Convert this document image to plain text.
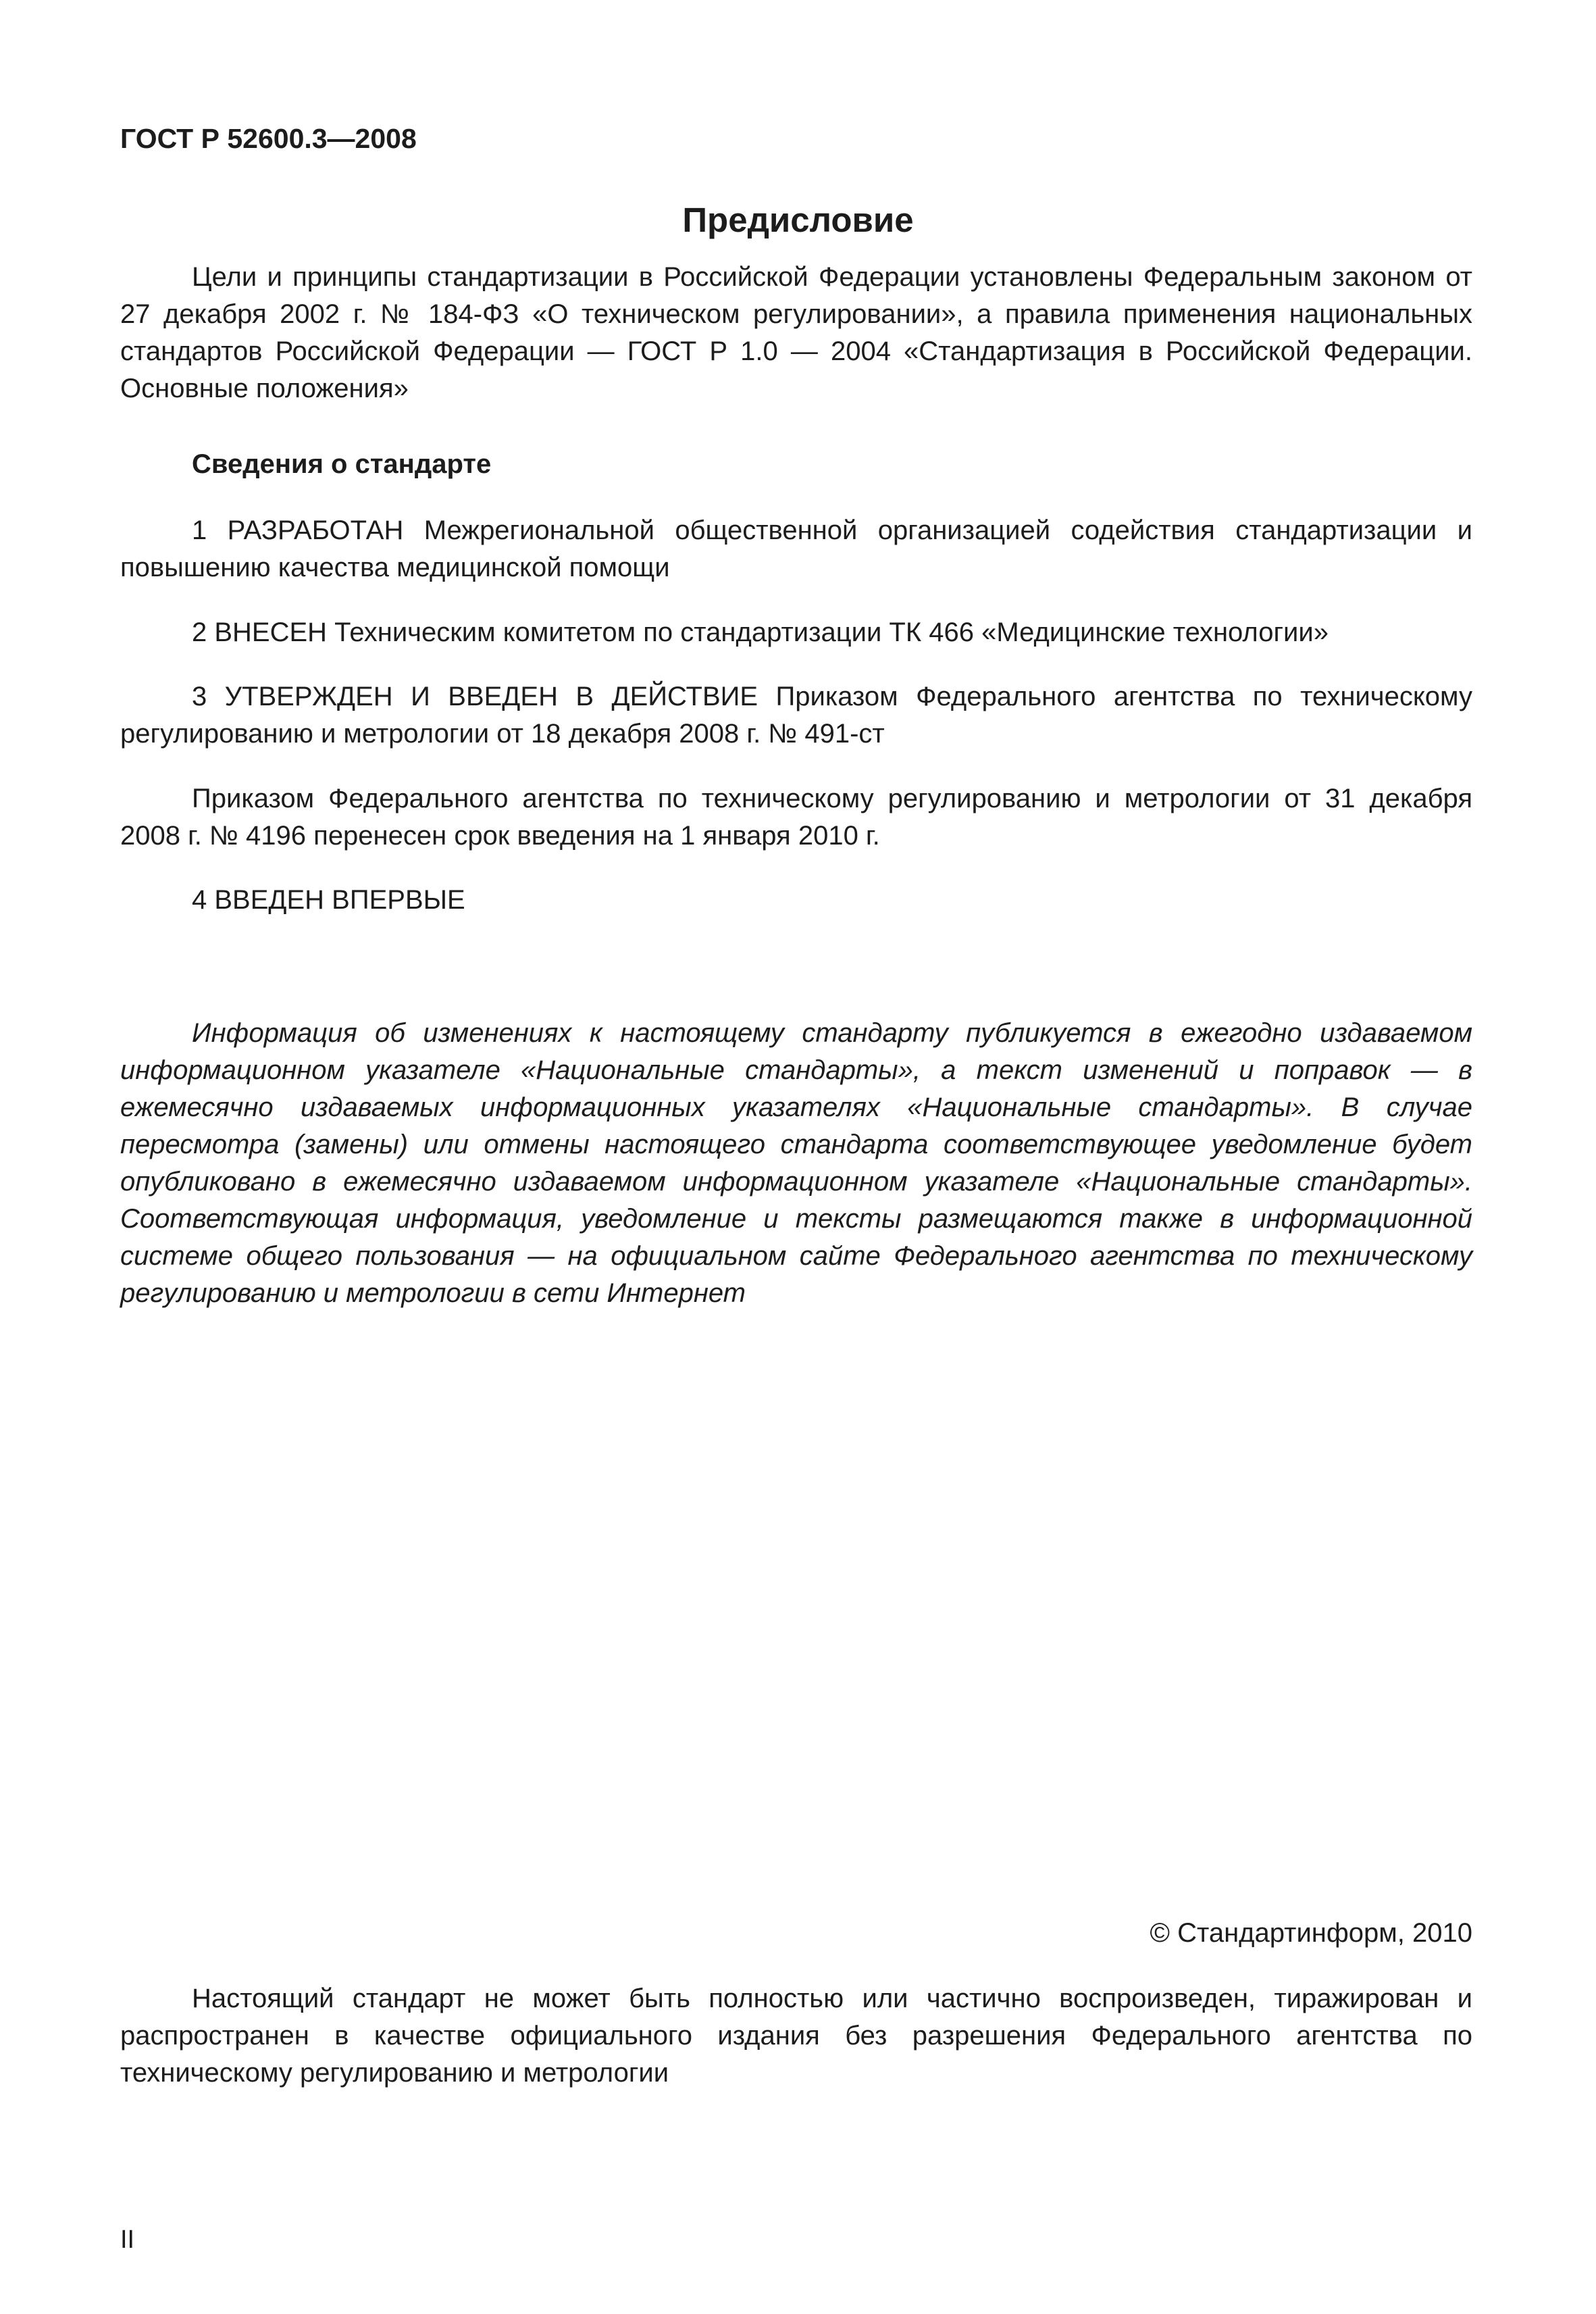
ГОСТ Р 52600.3—2008
Предисловие

Цели и принципы стандартизации в Российской Федерации установлены Федеральным законом от 27 декабря 2002 г. № 184-ФЗ «О техническом регулировании», а правила применения национальных стандартов Российской Федерации — ГОСТ Р 1.0 — 2004 «Стандартизация в Российской Федерации. Основные положения»

Сведения о стандарте

1 РАЗРАБОТАН Межрегиональной общественной организацией содействия стандартизации и повышению качества медицинской помощи

2 ВНЕСЕН Техническим комитетом по стандартизации ТК 466 «Медицинские технологии»

3 УТВЕРЖДЕН И ВВЕДЕН В ДЕЙСТВИЕ Приказом Федерального агентства по техническому регулированию и метрологии от 18 декабря 2008 г. № 491-ст

Приказом Федерального агентства по техническому регулированию и метрологии от 31 декабря 2008 г. № 4196 перенесен срок введения на 1 января 2010 г.

4 ВВЕДЕН ВПЕРВЫЕ

Информация об изменениях к настоящему стандарту публикуется в ежегодно издаваемом информационном указателе «Национальные стандарты», а текст изменений и поправок — в ежемесячно издаваемых информационных указателях «Национальные стандарты». В случае пересмотра (замены) или отмены настоящего стандарта соответствующее уведомление будет опубликовано в ежемесячно издаваемом информационном указателе «Национальные стандарты». Соответствующая информация, уведомление и тексты размещаются также в информационной системе общего пользования — на официальном сайте Федерального агентства по техническому регулированию и метрологии в сети Интернет

© Стандартинформ, 2010

Настоящий стандарт не может быть полностью или частично воспроизведен, тиражирован и распространен в качестве официального издания без разрешения Федерального агентства по техническому регулированию и метрологии

II
